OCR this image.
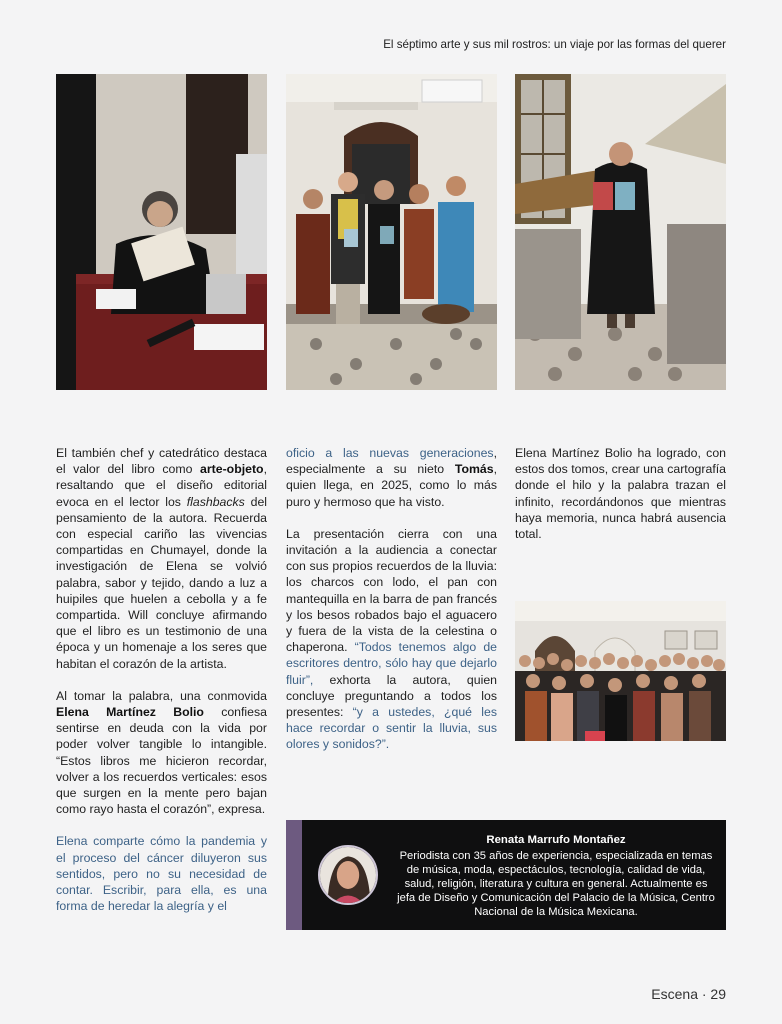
El séptimo arte y sus mil rostros: un viaje por las formas del querer

El también chef y catedrático destaca el valor del libro como arte-objeto, resaltando que el diseño editorial evoca en el lector los flashbacks del pensamiento de la autora. Recuerda con especial cariño las vivencias compartidas en Chumayel, donde la investigación de Elena se volvió palabra, sabor y tejido, dando a luz a huipiles que huelen a cebolla y a fe compartida. Will concluye afirmando que el libro es un testimonio de una época y un homenaje a los seres que habitan el corazón de la artista.

Al tomar la palabra, una conmovida Elena Martínez Bolio confiesa sentirse en deuda con la vida por poder volver tangible lo intangible. “Estos libros me hicieron recordar, volver a los recuerdos verticales: esos que surgen en la mente pero bajan como rayo hasta el corazón”, expresa.

Elena comparte cómo la pandemia y el proceso del cáncer diluyeron sus sentidos, pero no su necesidad de contar. Escribir, para ella, es una forma de heredar la alegría y el

oficio a las nuevas generaciones, especialmente a su nieto Tomás, quien llega, en 2025, como lo más puro y hermoso que ha visto.

La presentación cierra con una invitación a la audiencia a conectar con sus propios recuerdos de la lluvia: los charcos con lodo, el pan con mantequilla en la barra de pan francés y los besos robados bajo el aguacero y fuera de la vista de la celestina o chaperona. “Todos tenemos algo de escritores dentro, sólo hay que dejarlo fluir”, exhorta la autora, quien concluye preguntando a todos los presentes: “y a ustedes, ¿qué les hace recordar o sentir la lluvia, sus olores y sonidos?”.

Elena Martínez Bolio ha logrado, con estos dos tomos, crear una cartografía donde el hilo y la palabra trazan el infinito, recordándonos que mientras haya memoria, nunca habrá ausencia total.

Renata Marrufo Montañez
Periodista con 35 años de experiencia, especializada en temas de música, moda, espectáculos, tecnología, calidad de vida, salud, religión, literatura y cultura en general. Actualmente es jefa de Diseño y Comunicación del Palacio de la Música, Centro Nacional de la Música Mexicana.
Escena · 29
